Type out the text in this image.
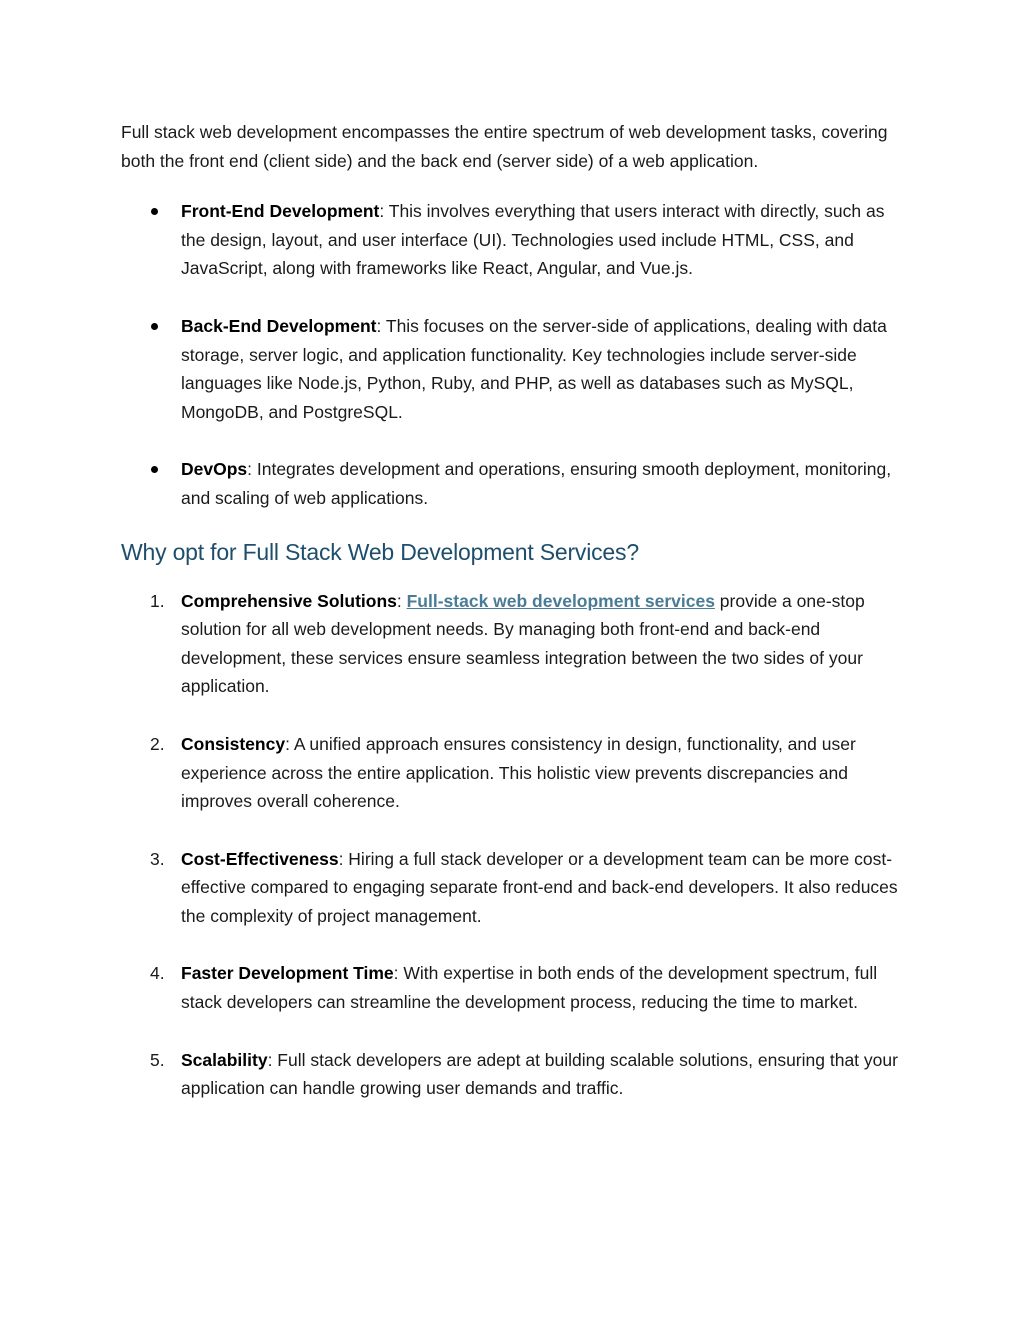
Full stack web development encompasses the entire spectrum of web development tasks, covering both the front end (client side) and the back end (server side) of a web application.

Front-End Development: This involves everything that users interact with directly, such as the design, layout, and user interface (UI). Technologies used include HTML, CSS, and JavaScript, along with frameworks like React, Angular, and Vue.js.
Back-End Development: This focuses on the server-side of applications, dealing with data storage, server logic, and application functionality. Key technologies include server-side languages like Node.js, Python, Ruby, and PHP, as well as databases such as MySQL, MongoDB, and PostgreSQL.
DevOps: Integrates development and operations, ensuring smooth deployment, monitoring, and scaling of web applications.
Why opt for Full Stack Web Development Services?
1. Comprehensive Solutions: Full-stack web development services provide a one-stop solution for all web development needs. By managing both front-end and back-end development, these services ensure seamless integration between the two sides of your application.
2. Consistency: A unified approach ensures consistency in design, functionality, and user experience across the entire application. This holistic view prevents discrepancies and improves overall coherence.
3. Cost-Effectiveness: Hiring a full stack developer or a development team can be more cost-effective compared to engaging separate front-end and back-end developers. It also reduces the complexity of project management.
4. Faster Development Time: With expertise in both ends of the development spectrum, full stack developers can streamline the development process, reducing the time to market.
5. Scalability: Full stack developers are adept at building scalable solutions, ensuring that your application can handle growing user demands and traffic.
